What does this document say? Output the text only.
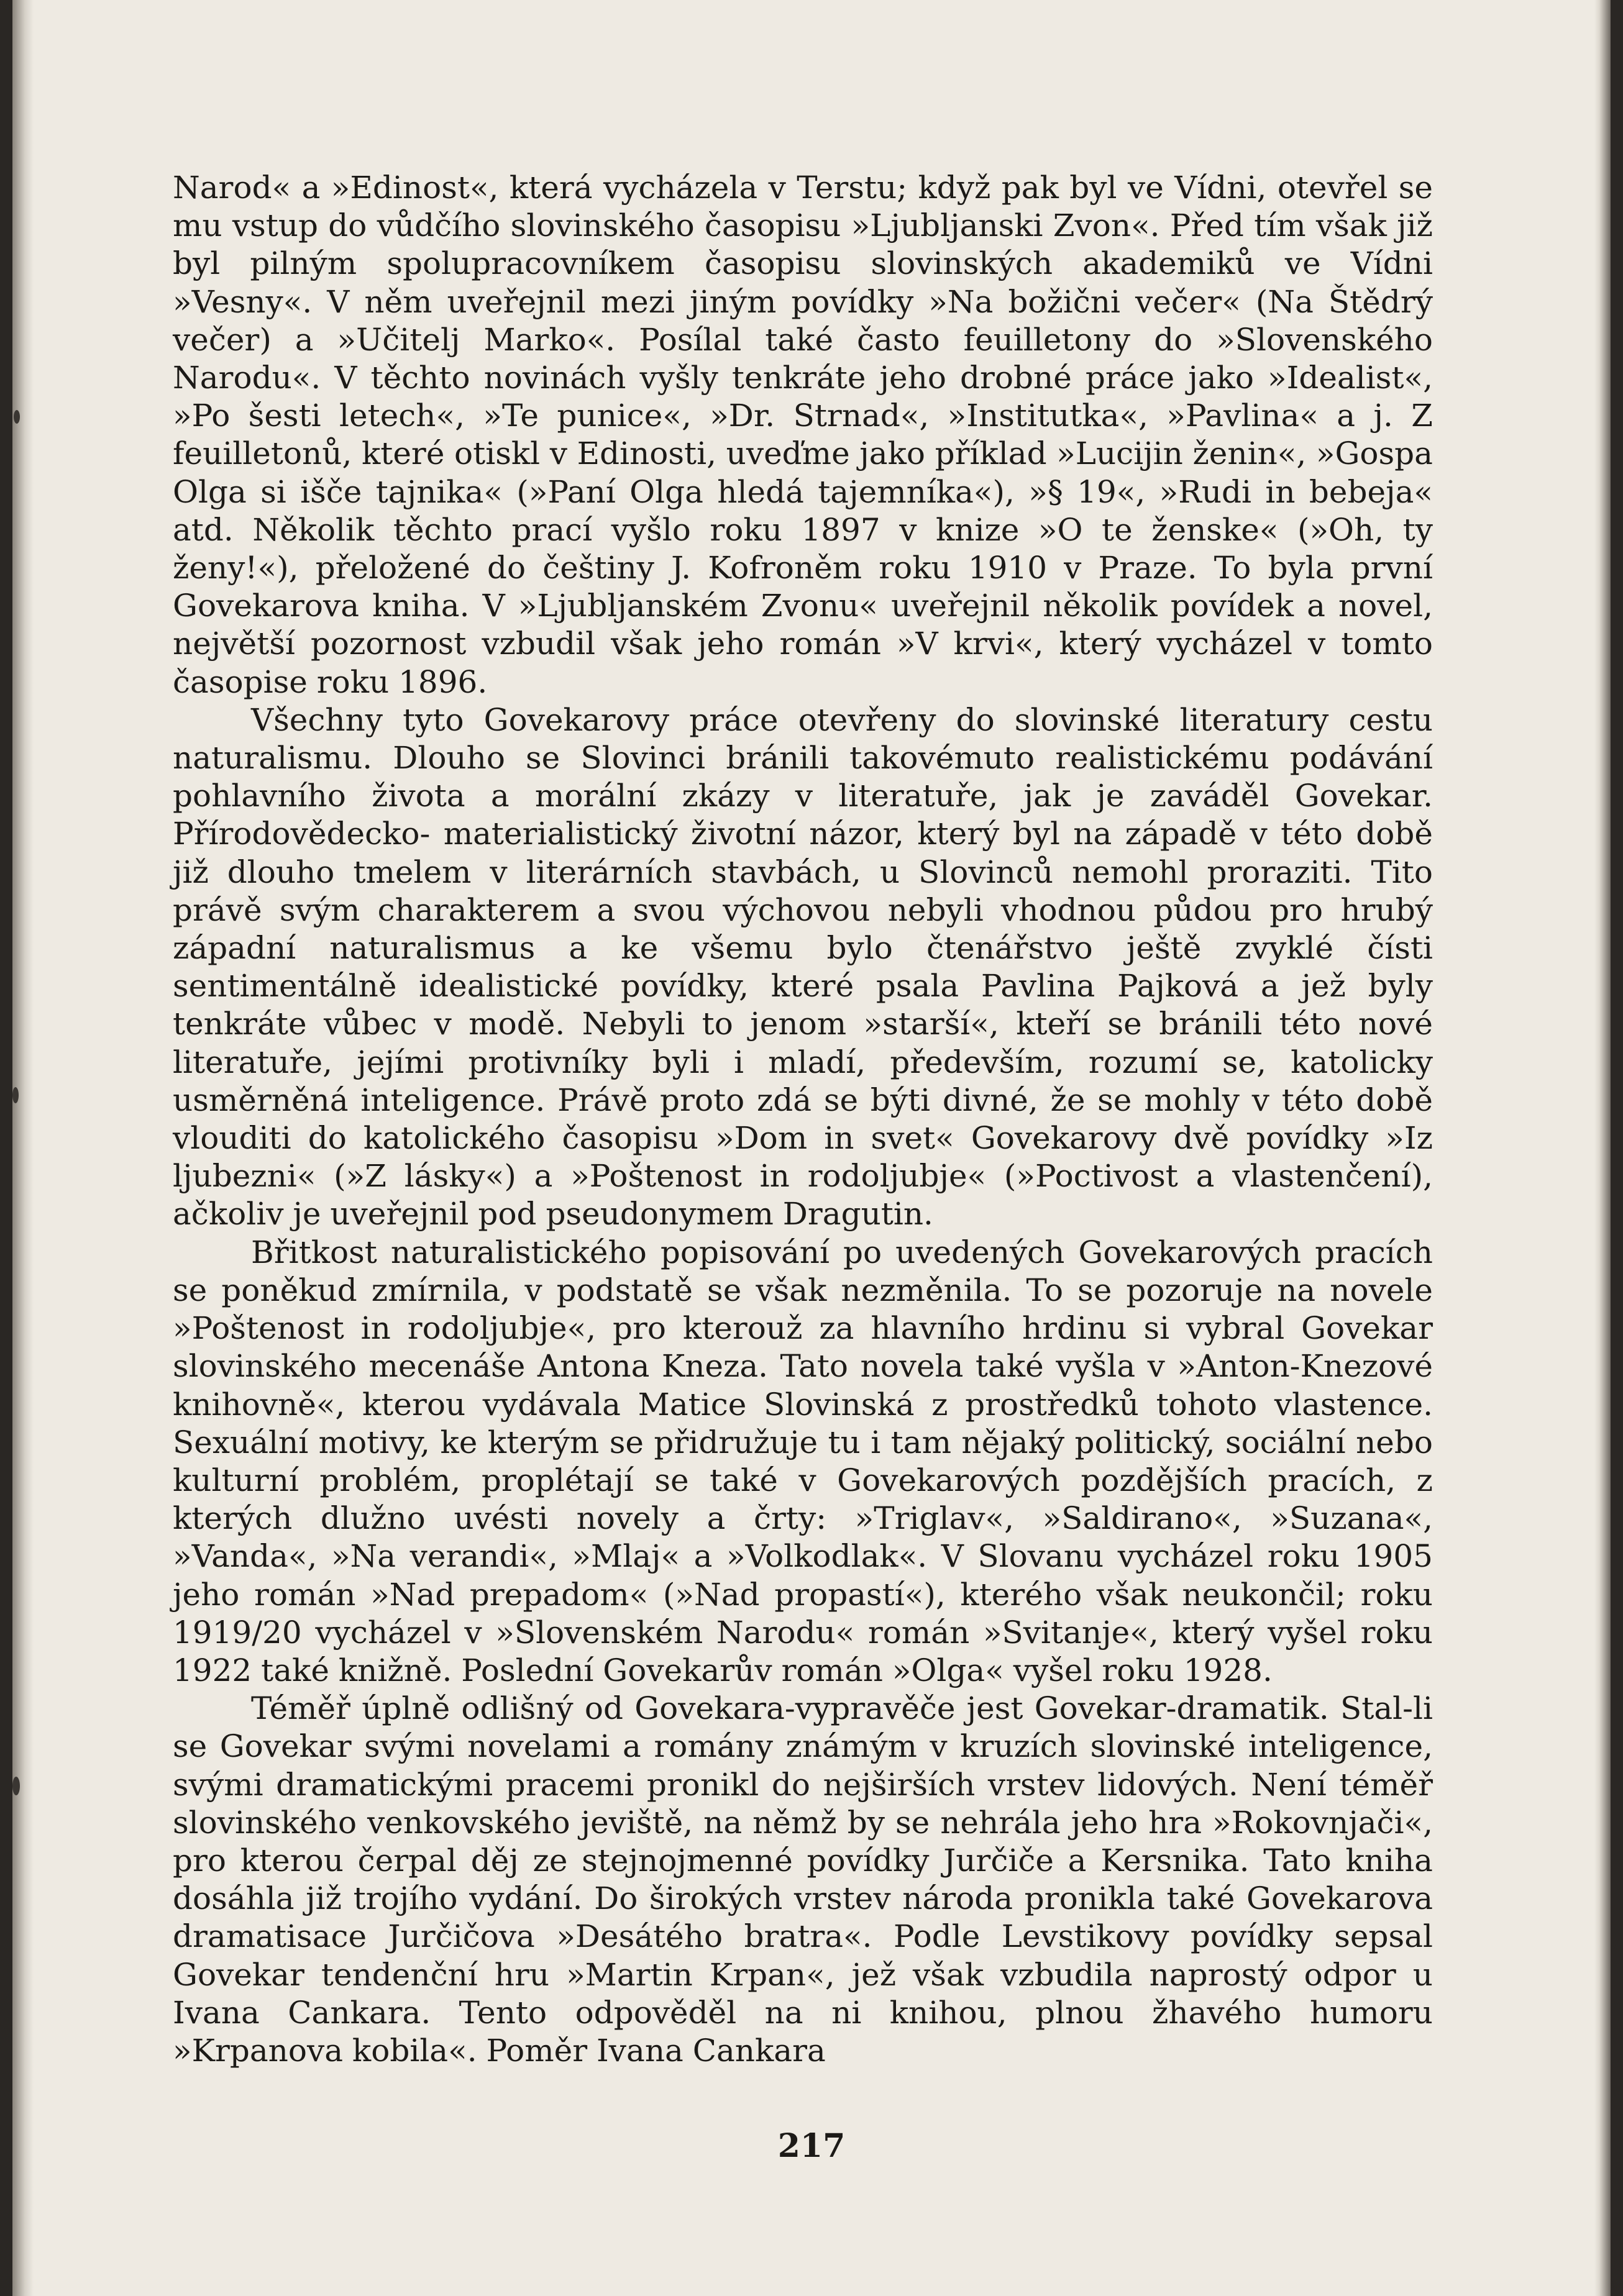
Narod« a »Edinost«, která vycházela v Terstu; když pak byl ve Vídni, otevřel se mu vstup do vůdčího slovinského časopisu »Ljubljanski Zvon«. Před tím však již byl pilným spolupracovníkem časopisu slovinských akademiků ve Vídni »Vesny«. V něm uveřejnil mezi jiným povídky »Na božični večer« (Na Štědrý večer) a »Učitelj Marko«. Posílal také často feuilletony do »Slovenského Narodu«. V těchto novinách vyšly tenkráte jeho drobné práce jako »Idealist«, »Po šesti letech«, »Te punice«, »Dr. Strnad«, »Institutka«, »Pavlina« a j. Z feuilletonů, které otiskl v Edinosti, uveďme jako příklad »Lucijin ženin«, »Gospa Olga si išče tajnika« (»Paní Olga hledá tajemníka«), »§ 19«, »Rudi in bebeja« atd. Několik těchto prací vyšlo roku 1897 v knize »O te ženske« (»Oh, ty ženy!«), přeložené do češtiny J. Kofroněm roku 1910 v Praze. To byla první Govekarova kniha. V »Ljubljanském Zvonu« uveřejnil několik povídek a novel, největší pozornost vzbudil však jeho román »V krvi«, který vycházel v tomto časopise roku 1896.

Všechny tyto Govekarovy práce otevřeny do slovinské literatury cestu naturalismu. Dlouho se Slovinci bránili takovémuto realistickému podávání pohlavního života a morální zkázy v literatuře, jak je zaváděl Govekar. Přírodovědecko- materialistický životní názor, který byl na západě v této době již dlouho tmelem v literárních stavbách, u Slovinců nemohl proraziti. Tito právě svým charakterem a svou výchovou nebyli vhodnou půdou pro hrubý západní naturalismus a ke všemu bylo čtenářstvo ještě zvyklé čísti sentimentálně idealistické povídky, které psala Pavlina Pajková a jež byly tenkráte vůbec v modě. Nebyli to jenom »starší«, kteří se bránili této nové literatuře, jejími protivníky byli i mladí, především, rozumí se, katolicky usměrněná inteligence. Právě proto zdá se býti divné, že se mohly v této době vlouditi do katolického časopisu »Dom in svet« Govekarovy dvě povídky »Iz ljubezni« (»Z lásky«) a »Poštenost in rodoljubje« (»Poctivost a vlastenčení), ačkoliv je uveřejnil pod pseudonymem Dragutin.

Břitkost naturalistického popisování po uvedených Govekarových pracích se poněkud zmírnila, v podstatě se však nezměnila. To se pozoruje na novele »Poštenost in rodoljubje«, pro kterouž za hlavního hrdinu si vybral Govekar slovinského mecenáše Antona Kneza. Tato novela také vyšla v »Anton-Knezové knihovně«, kterou vydávala Matice Slovinská z prostředků tohoto vlastence. Sexuální motivy, ke kterým se přidružuje tu i tam nějaký politický, sociální nebo kulturní problém, proplétají se také v Govekarových pozdějších pracích, z kterých dlužno uvésti novely a črty: »Triglav«, »Saldirano«, »Suzana«, »Vanda«, »Na verandi«, »Mlaj« a »Volkodlak«. V Slovanu vycházel roku 1905 jeho román »Nad prepadom« (»Nad propastí«), kterého však neukončil; roku 1919/20 vycházel v »Slovenském Narodu« román »Svitanje«, který vyšel roku 1922 také knižně. Poslední Govekarův román »Olga« vyšel roku 1928.

Téměř úplně odlišný od Govekara-vypravěče jest Govekar-dramatik. Stal-li se Govekar svými novelami a romány známým v kruzích slovinské inteligence, svými dramatickými pracemi pronikl do nejširších vrstev lidových. Není téměř slovinského venkovského jeviště, na němž by se nehrála jeho hra »Rokovnjači«, pro kterou čerpal děj ze stejnojmenné povídky Jurčiče a Kersnika. Tato kniha dosáhla již trojího vydání. Do širokých vrstev národa pronikla také Govekarova dramatisace Jurčičova »Desátého bratra«. Podle Levstikovy povídky sepsal Govekar tendenční hru »Martin Krpan«, jež však vzbudila naprostý odpor u Ivana Cankara. Tento odpověděl na ni knihou, plnou žhavého humoru »Krpanova kobila«. Poměr Ivana Cankara

217
